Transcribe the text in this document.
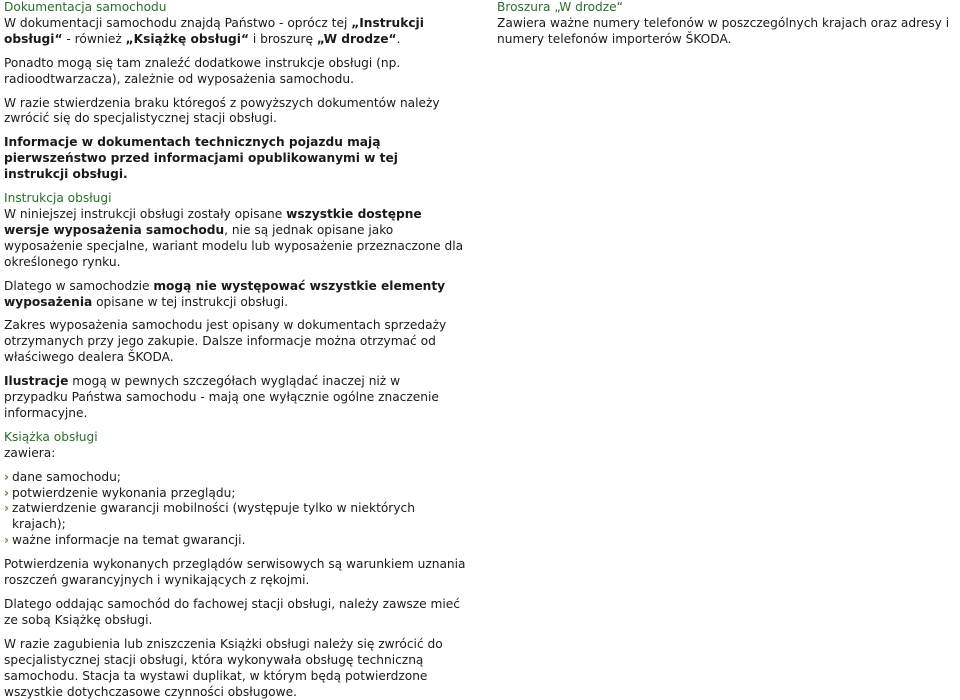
Dokumentacja samochodu

W dokumentacji samochodu znajdą Państwo - oprócz tej „Instrukcji obsługi“ - również „Książkę obsługi“ i broszurę „W drodze“.

Ponadto mogą się tam znaleźć dodatkowe instrukcje obsługi (np. radioodtwarzacza), zależnie od wyposażenia samochodu.

W razie stwierdzenia braku któregoś z powyższych dokumentów należy zwrócić się do specjalistycznej stacji obsługi.

Informacje w dokumentach technicznych pojazdu mają pierwszeństwo przed informacjami opublikowanymi w tej instrukcji obsługi.

Instrukcja obsługi

W niniejszej instrukcji obsługi zostały opisane wszystkie dostępne wersje wyposażenia samochodu, nie są jednak opisane jako wyposażenie specjalne, wariant modelu lub wyposażenie przeznaczone dla określonego rynku.

Dlatego w samochodzie mogą nie występować wszystkie elementy wyposażenia opisane w tej instrukcji obsługi.

Zakres wyposażenia samochodu jest opisany w dokumentach sprzedaży otrzymanych przy jego zakupie. Dalsze informacje można otrzymać od właściwego dealera ŠKODA.

Ilustracje mogą w pewnych szczegółach wyglądać inaczej niż w przypadku Państwa samochodu - mają one wyłącznie ogólne znaczenie informacyjne.

Książka obsługi

zawiera:

› dane samochodu;
› potwierdzenie wykonania przeglądu;
› zatwierdzenie gwarancji mobilności (występuje tylko w niektórych krajach);
› ważne informacje na temat gwarancji.

Potwierdzenia wykonanych przeglądów serwisowych są warunkiem uznania roszczeń gwarancyjnych i wynikających z rękojmi.

Dlatego oddając samochód do fachowej stacji obsługi, należy zawsze mieć ze sobą Książkę obsługi.

W razie zagubienia lub zniszczenia Książki obsługi należy się zwrócić do specjalistycznej stacji obsługi, która wykonywała obsługę techniczną samochodu. Stacja ta wystawi duplikat, w którym będą potwierdzone wszystkie dotychczasowe czynności obsługowe.

Broszura „W drodze“

Zawiera ważne numery telefonów w poszczególnych krajach oraz adresy i numery telefonów importerów ŠKODA.
